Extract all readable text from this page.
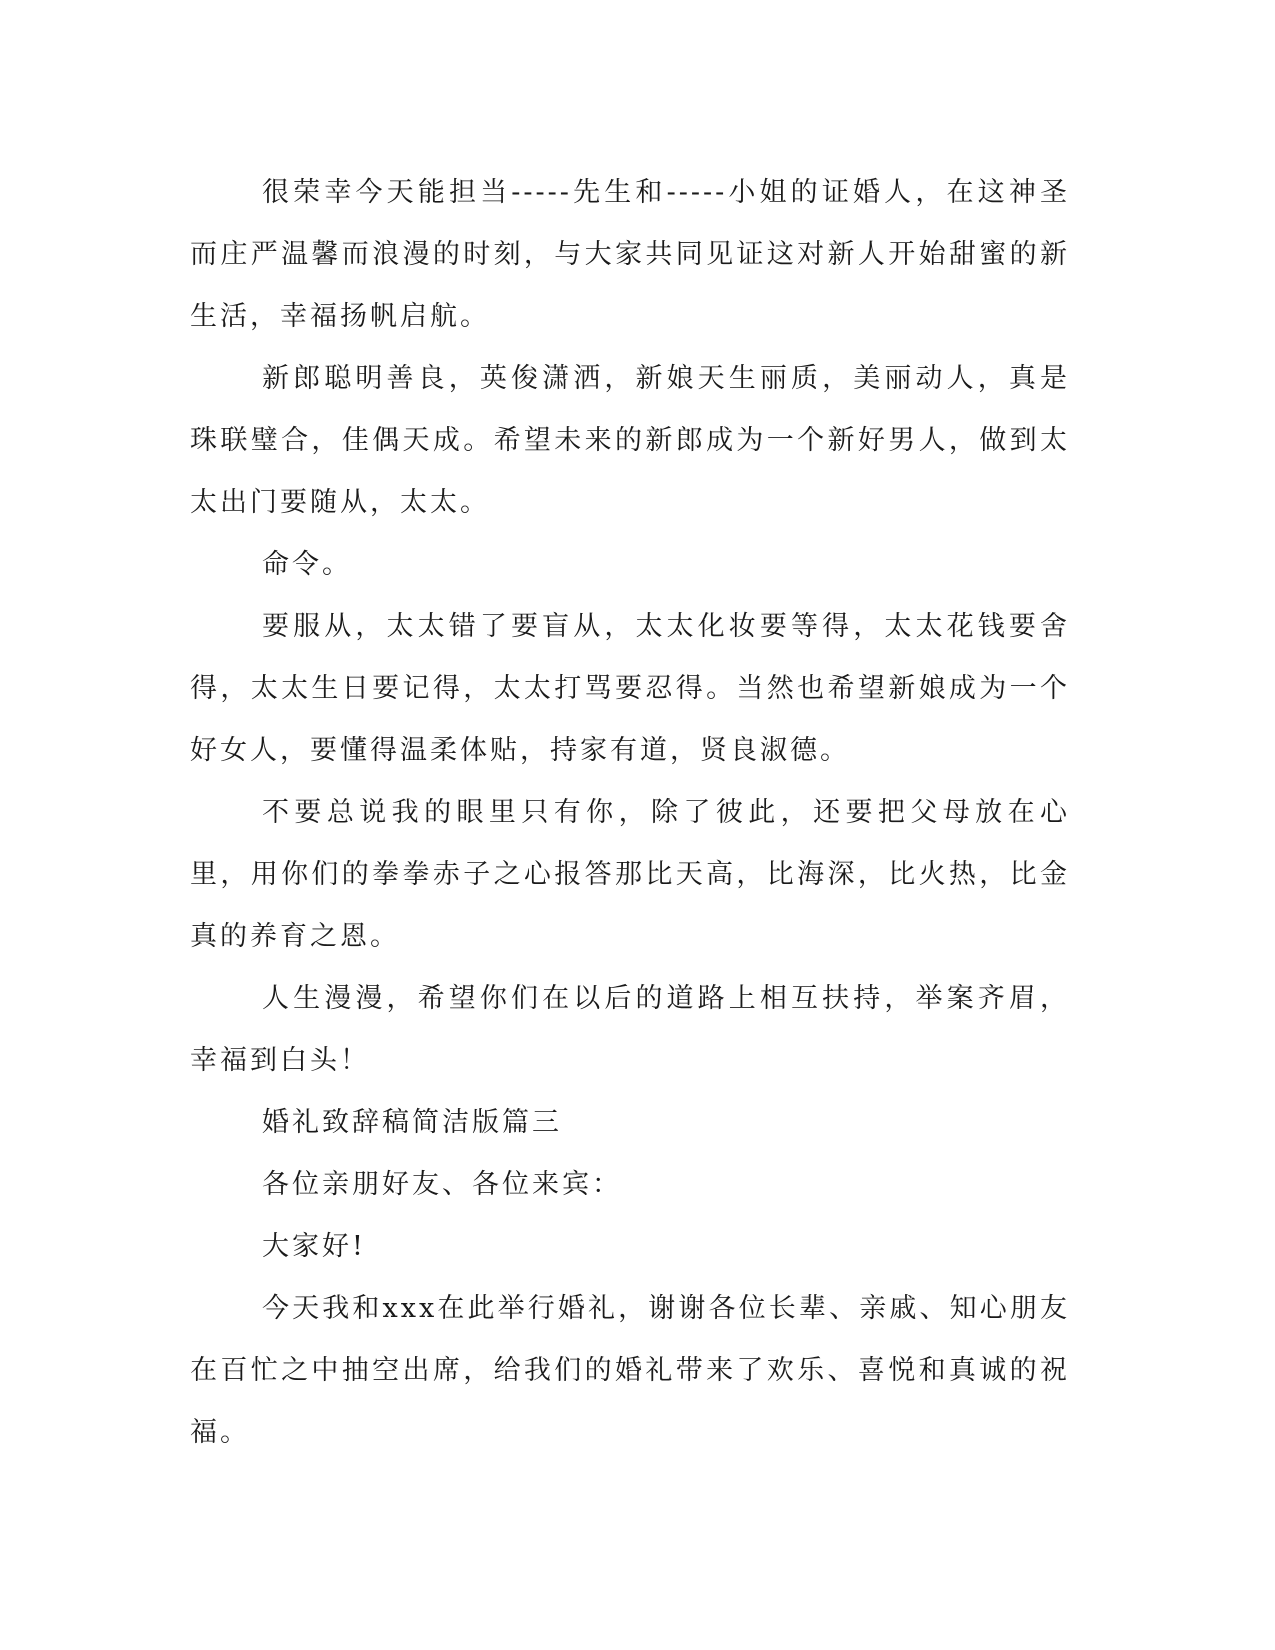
很荣幸今天能担当-----先生和-----小姐的证婚人，在这神圣而庄严温馨而浪漫的时刻，与大家共同见证这对新人开始甜蜜的新生活，幸福扬帆启航。

新郎聪明善良，英俊潇洒，新娘天生丽质，美丽动人，真是珠联璧合，佳偶天成。希望未来的新郎成为一个新好男人，做到太太出门要随从，太太。

命令。

要服从，太太错了要盲从，太太化妆要等得，太太花钱要舍得，太太生日要记得，太太打骂要忍得。当然也希望新娘成为一个好女人，要懂得温柔体贴，持家有道，贤良淑德。

不要总说我的眼里只有你，除了彼此，还要把父母放在心里，用你们的拳拳赤子之心报答那比天高，比海深，比火热，比金真的养育之恩。

人生漫漫，希望你们在以后的道路上相互扶持，举案齐眉，幸福到白头！

婚礼致辞稿简洁版篇三

各位亲朋好友、各位来宾：

大家好!

今天我和xxx在此举行婚礼，谢谢各位长辈、亲戚、知心朋友在百忙之中抽空出席，给我们的婚礼带来了欢乐、喜悦和真诚的祝福。
